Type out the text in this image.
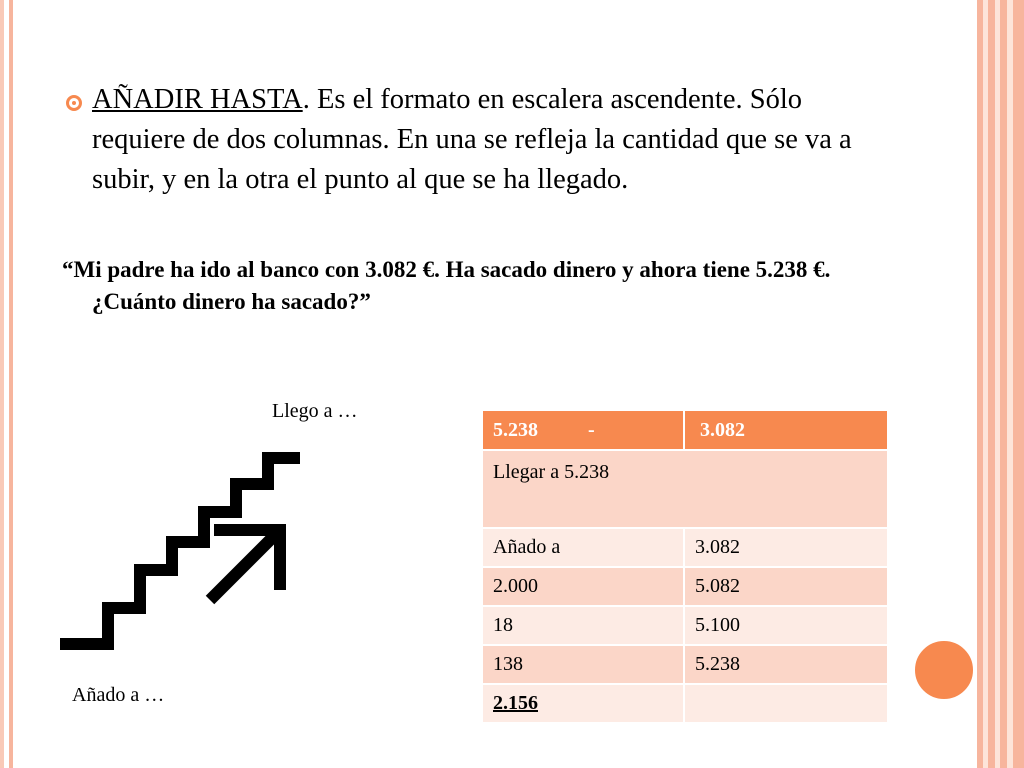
AÑADIR HASTA. Es el formato en escalera ascendente. Sólo requiere de dos columnas. En una se refleja la cantidad que se va a subir, y en la otra el punto al que se ha llegado.
“Mi padre ha ido al banco con 3.082 €. Ha sacado dinero y ahora tiene 5.238 €. ¿Cuánto dinero ha sacado?”
Llego a …
Añado a …
5.238          -	3.082
Llegar a 5.238	
Añado a	3.082
2.000	5.082
18	5.100
138	5.238
2.156	
